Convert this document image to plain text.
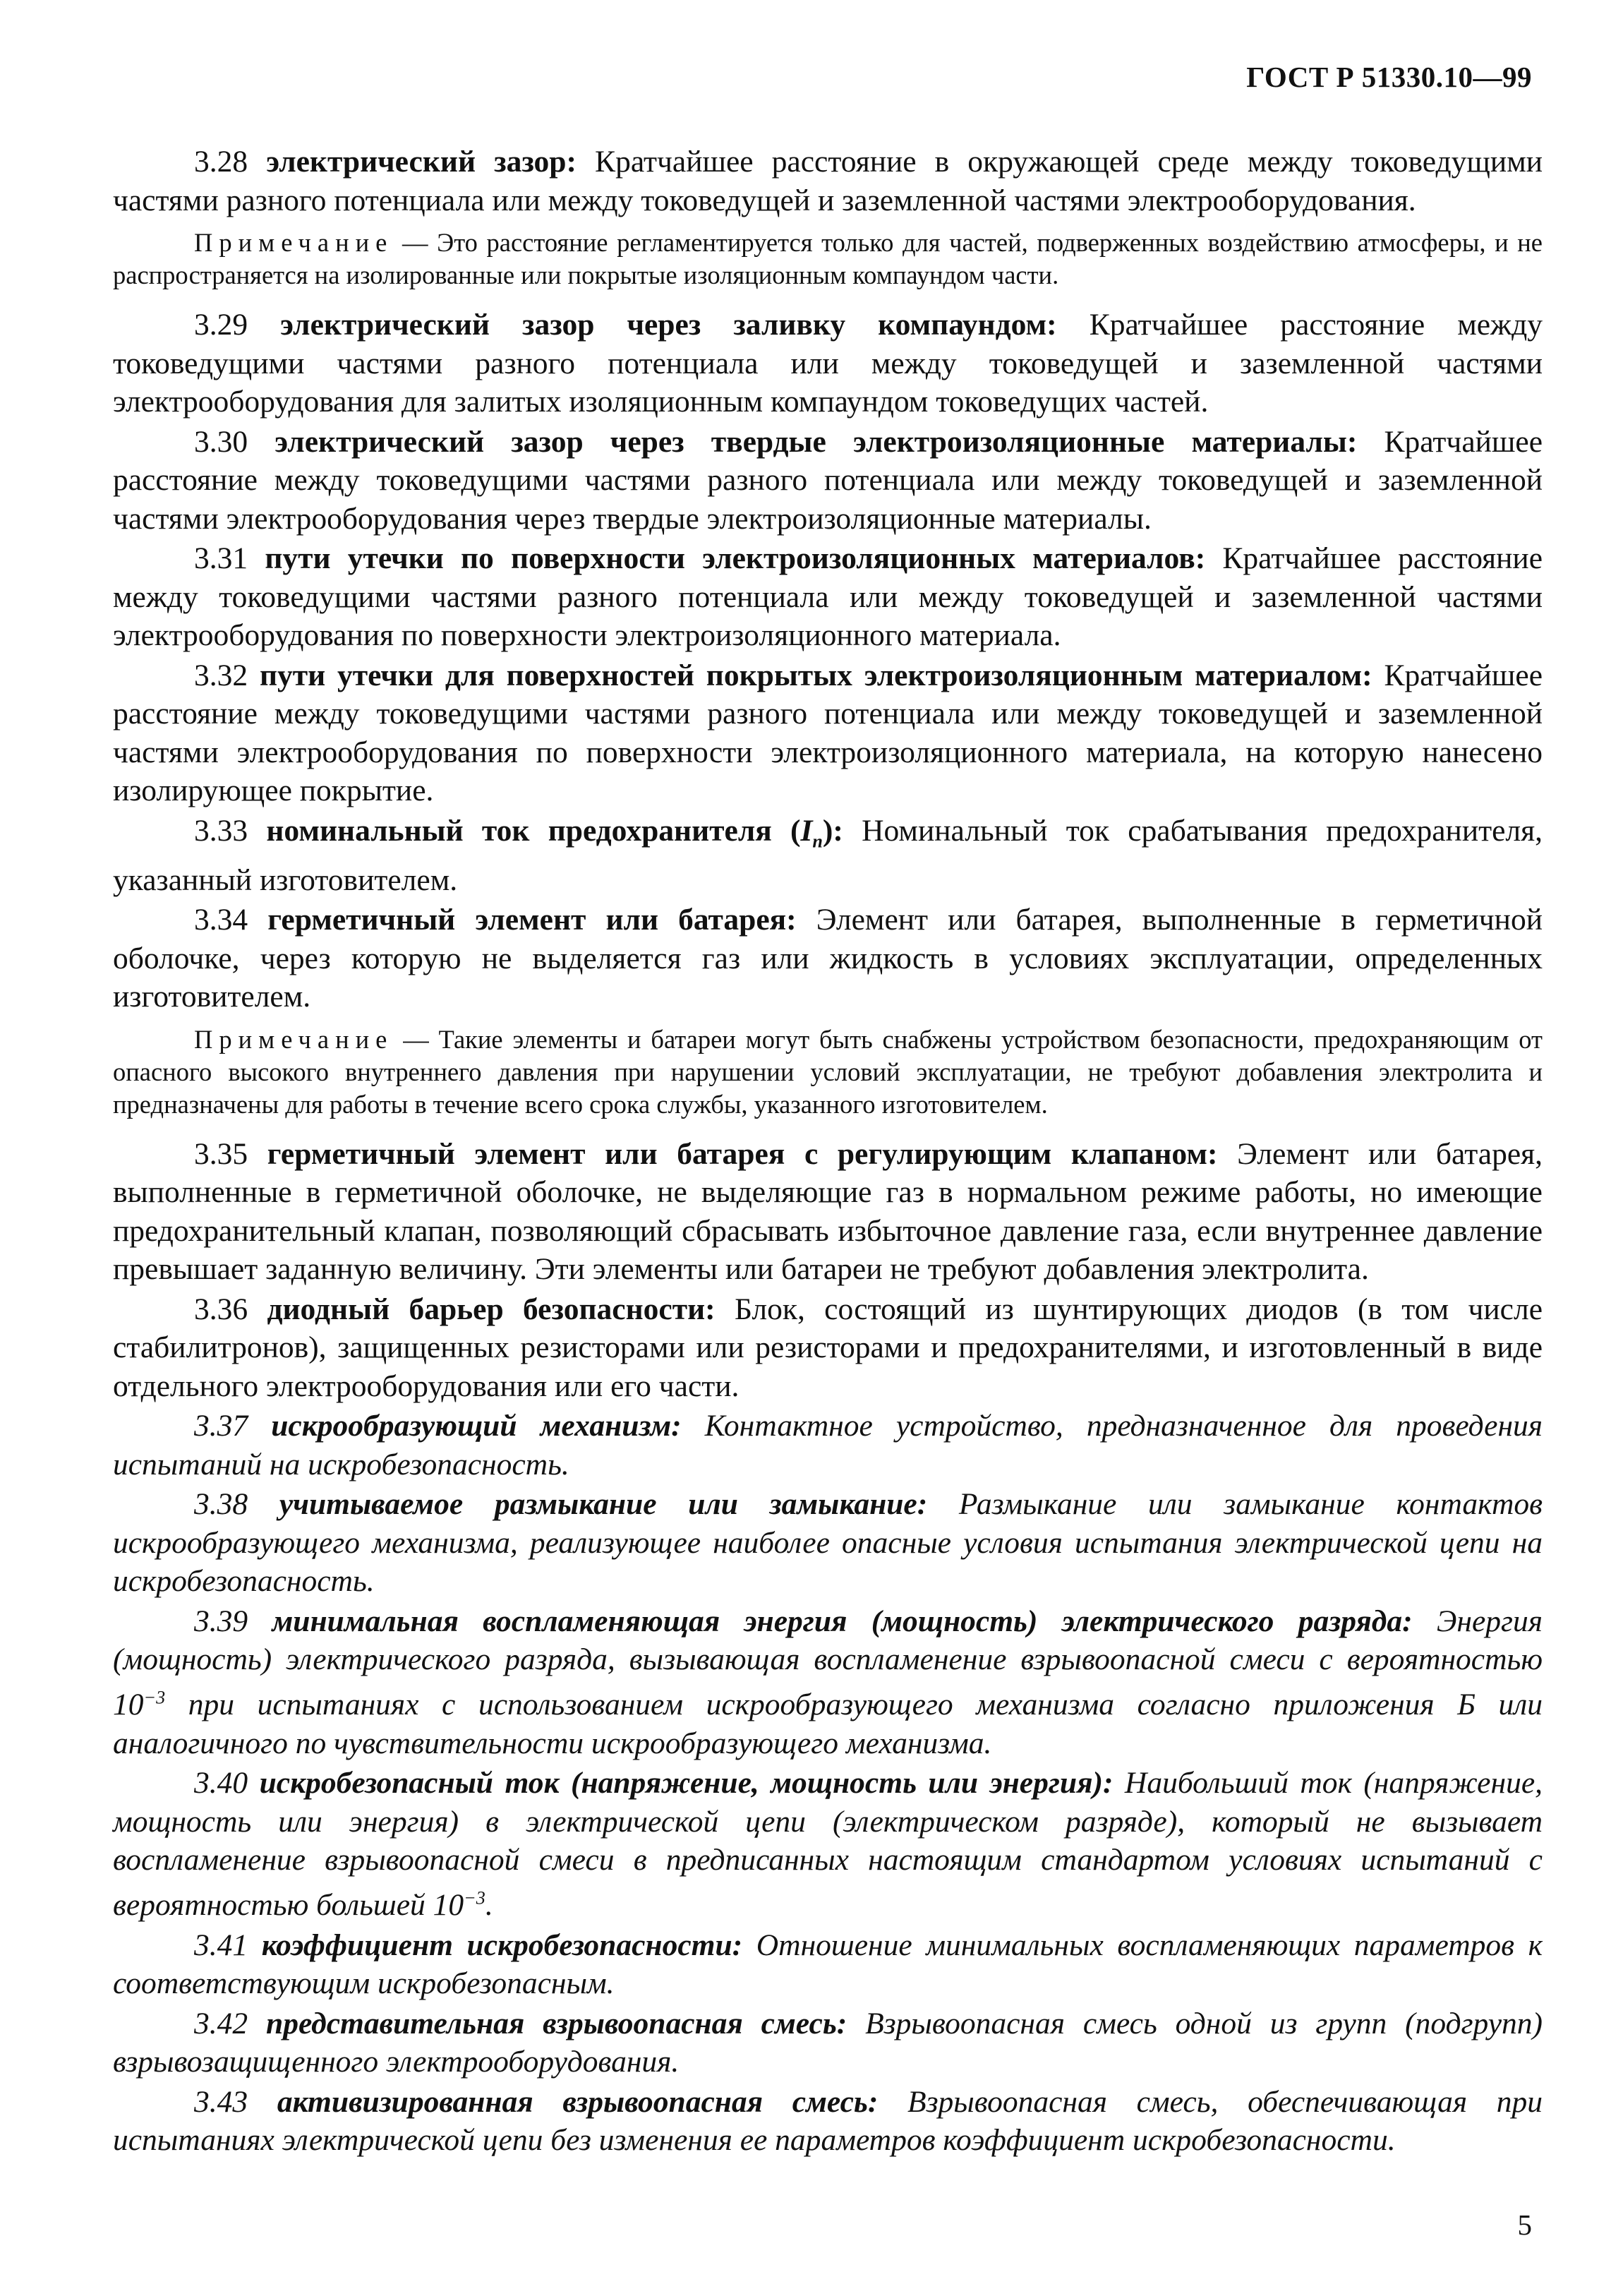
ГОСТ Р 51330.10—99

3.28 электрический зазор: Кратчайшее расстояние в окружающей среде между токоведущими частями разного потенциала или между токоведущей и заземленной частями электрооборудования.

Примечание — Это расстояние регламентируется только для частей, подверженных воздействию атмосферы, и не распространяется на изолированные или покрытые изоляционным компаундом части.

3.29 электрический зазор через заливку компаундом: Кратчайшее расстояние между токоведущими частями разного потенциала или между токоведущей и заземленной частями электрооборудования для залитых изоляционным компаундом токоведущих частей.

3.30 электрический зазор через твердые электроизоляционные материалы: Кратчайшее расстояние между токоведущими частями разного потенциала или между токоведущей и заземленной частями электрооборудования через твердые электроизоляционные материалы.

3.31 пути утечки по поверхности электроизоляционных материалов: Кратчайшее расстояние между токоведущими частями разного потенциала или между токоведущей и заземленной частями электрооборудования по поверхности электроизоляционного материала.

3.32 пути утечки для поверхностей покрытых электроизоляционным материалом: Кратчайшее расстояние между токоведущими частями разного потенциала или между токоведущей и заземленной частями электрооборудования по поверхности электроизоляционного материала, на которую нанесено изолирующее покрытие.

3.33 номинальный ток предохранителя $(I_n)$: Номинальный ток срабатывания предохранителя, указанный изготовителем.

3.34 герметичный элемент или батарея: Элемент или батарея, выполненные в герметичной оболочке, через которую не выделяется газ или жидкость в условиях эксплуатации, определенных изготовителем.

Примечание — Такие элементы и батареи могут быть снабжены устройством безопасности, предохраняющим от опасного высокого внутреннего давления при нарушении условий эксплуатации, не требуют добавления электролита и предназначены для работы в течение всего срока службы, указанного изготовителем.

3.35 герметичный элемент или батарея с регулирующим клапаном: Элемент или батарея, выполненные в герметичной оболочке, не выделяющие газ в нормальном режиме работы, но имеющие предохранительный клапан, позволяющий сбрасывать избыточное давление газа, если внутреннее давление превышает заданную величину. Эти элементы или батареи не требуют добавления электролита.

3.36 диодный барьер безопасности: Блок, состоящий из шунтирующих диодов (в том числе стабилитронов), защищенных резисторами или резисторами и предохранителями, и изготовленный в виде отдельного электрооборудования или его части.

3.37 искрообразующий механизм: Контактное устройство, предназначенное для проведения испытаний на искробезопасность.

3.38 учитываемое размыкание или замыкание: Размыкание или замыкание контактов искрообразующего механизма, реализующее наиболее опасные условия испытания электрической цепи на искробезопасность.

3.39 минимальная воспламеняющая энергия (мощность) электрического разряда: Энергия (мощность) электрического разряда, вызывающая воспламенение взрывоопасной смеси с вероятностью $10^{-3}$ при испытаниях с использованием искрообразующего механизма согласно приложения Б или аналогичного по чувствительности искрообразующего механизма.

3.40 искробезопасный ток (напряжение, мощность или энергия): Наибольший ток (напряжение, мощность или энергия) в электрической цепи (электрическом разряде), который не вызывает воспламенение взрывоопасной смеси в предписанных настоящим стандартом условиях испытаний с вероятностью большей $10^{-3}$.

3.41 коэффициент искробезопасности: Отношение минимальных воспламеняющих параметров к соответствующим искробезопасным.

3.42 представительная взрывоопасная смесь: Взрывоопасная смесь одной из групп (подгрупп) взрывозащищенного электрооборудования.

3.43 активизированная взрывоопасная смесь: Взрывоопасная смесь, обеспечивающая при испытаниях электрической цепи без изменения ее параметров коэффициент искробезопасности.

5
